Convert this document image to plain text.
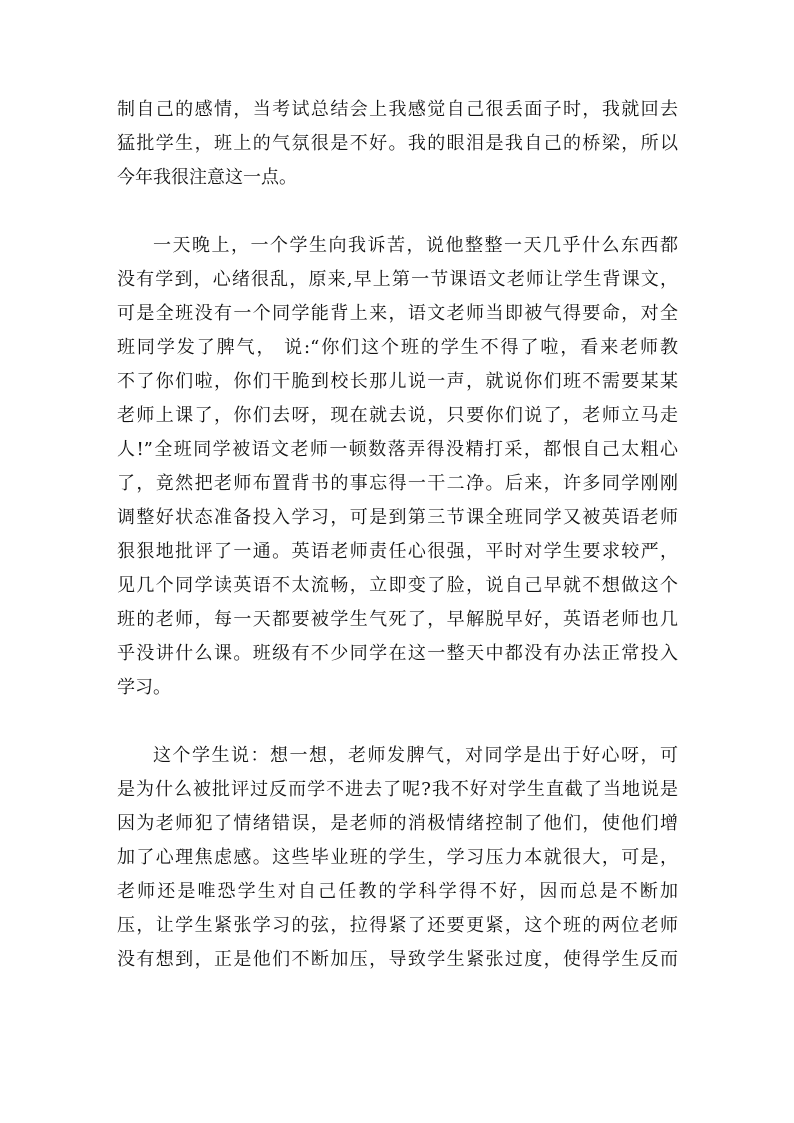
制自己的感情，当考试总结会上我感觉自己很丢面子时，我就回去
猛批学生，班上的气氛很是不好。我的眼泪是我自己的桥梁，所以
今年我很注意这一点。
一天晚上，一个学生向我诉苦，说他整整一天几乎什么东西都
没有学到，心绪很乱，原来,早上第一节课语文老师让学生背课文，
可是全班没有一个同学能背上来，语文老师当即被气得要命，对全
班同学发了脾气， 说:“你们这个班的学生不得了啦，看来老师教
不了你们啦，你们干脆到校长那儿说一声，就说你们班不需要某某
老师上课了，你们去呀，现在就去说，只要你们说了，老师立马走
人!”全班同学被语文老师一顿数落弄得没精打采，都恨自己太粗心
了，竟然把老师布置背书的事忘得一干二净。后来，许多同学刚刚
调整好状态准备投入学习，可是到第三节课全班同学又被英语老师
狠狠地批评了一通。英语老师责任心很强，平时对学生要求较严，
见几个同学读英语不太流畅，立即变了脸，说自己早就不想做这个
班的老师，每一天都要被学生气死了，早解脱早好，英语老师也几
乎没讲什么课。班级有不少同学在这一整天中都没有办法正常投入
学习。
这个学生说：想一想，老师发脾气，对同学是出于好心呀，可
是为什么被批评过反而学不进去了呢?我不好对学生直截了当地说是
因为老师犯了情绪错误，是老师的消极情绪控制了他们，使他们增
加了心理焦虑感。这些毕业班的学生，学习压力本就很大，可是，
老师还是唯恐学生对自己任教的学科学得不好，因而总是不断加
压，让学生紧张学习的弦，拉得紧了还要更紧，这个班的两位老师
没有想到，正是他们不断加压，导致学生紧张过度，使得学生反而
